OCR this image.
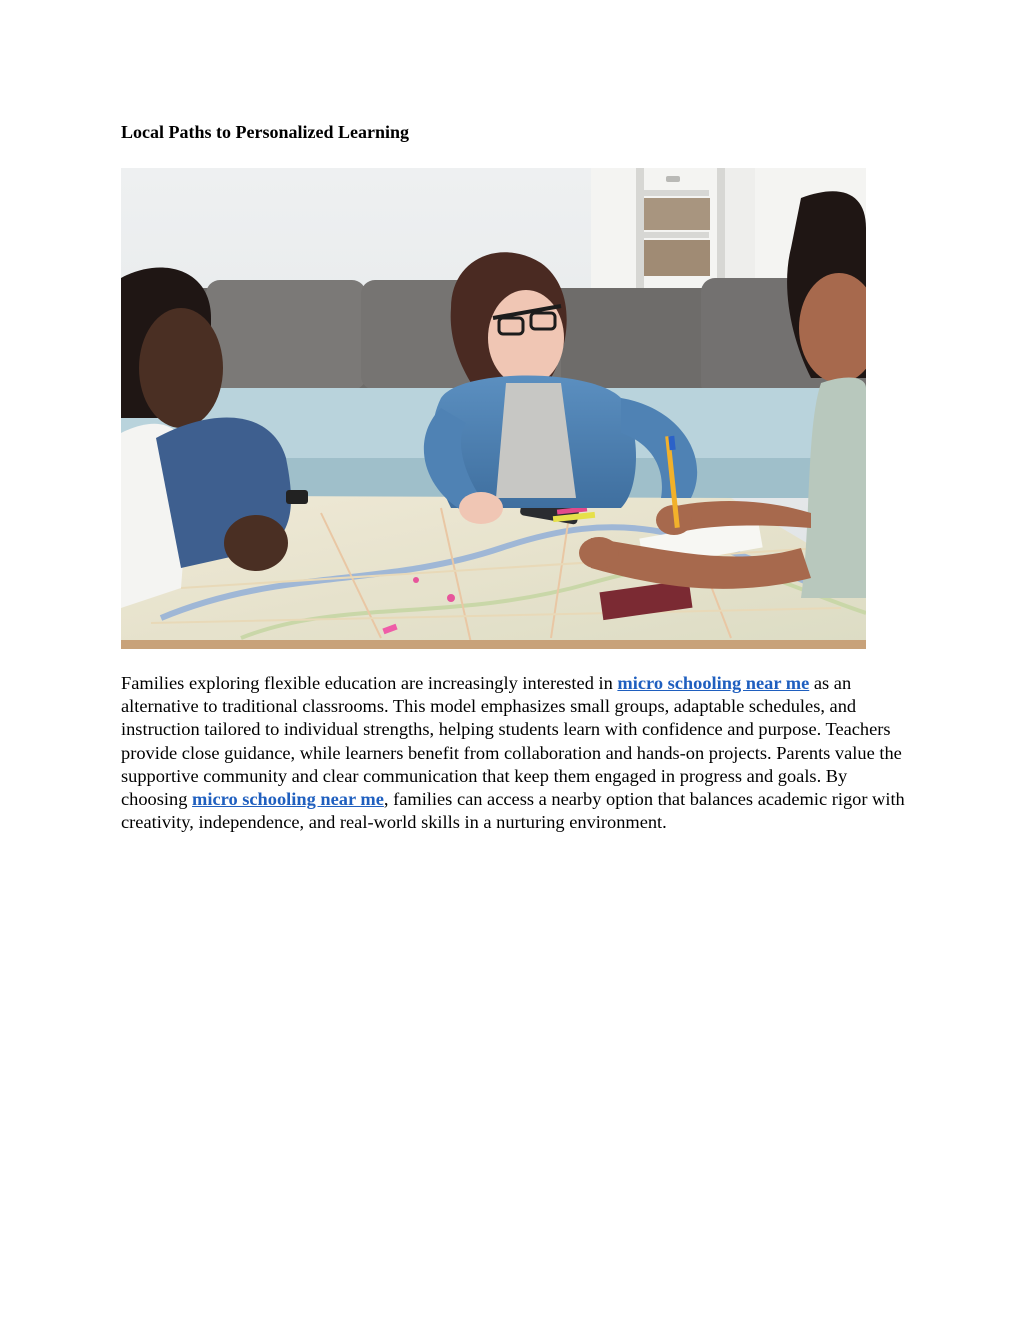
Local Paths to Personalized Learning

Families exploring flexible education are increasingly interested in micro schooling near me as an alternative to traditional classrooms. This model emphasizes small groups, adaptable schedules, and instruction tailored to individual strengths, helping students learn with confidence and purpose. Teachers provide close guidance, while learners benefit from collaboration and hands-on projects. Parents value the supportive community and clear communication that keep them engaged in progress and goals. By choosing micro schooling near me, families can access a nearby option that balances academic rigor with creativity, independence, and real-world skills in a nurturing environment.
